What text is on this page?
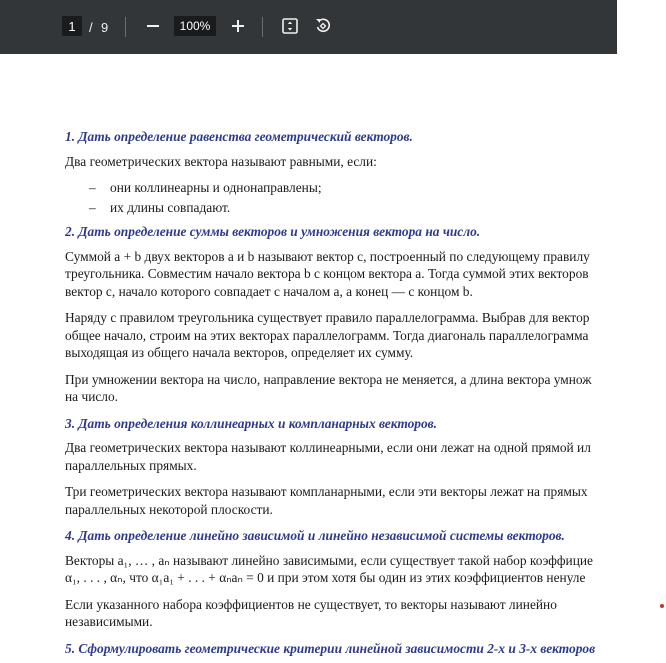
1	/ 9	100%
1. Дать определение равенства геометрический векторов.
Два геометрических вектора называют равными, если:
–	они коллинеарны и однонаправлены;
–	их длины совпадают.
2. Дать определение суммы векторов и умножения вектора на число.
Суммой a + b двух векторов a и b называют вектор c, построенный по следующему правилу
треугольника. Совместим начало вектора b с концом вектора a. Тогда суммой этих векторов
вектор c, начало которого совпадает с началом a, а конец — с концом b.
Наряду с правилом треугольника существует правило параллелограмма. Выбрав для вектор
общее начало, строим на этих векторах параллелограмм. Тогда диагональ параллелограмма
выходящая из общего начала векторов, определяет их сумму.
При умножении вектора на число, направление вектора не меняется, а длина вектора умнож
на число.
3. Дать определения коллинеарных и компланарных векторов.
Два геометрических вектора называют коллинеарными, если они лежат на одной прямой ил
параллельных прямых.
Три геометрических вектора называют компланарными, если эти векторы лежат на прямых
параллельных некоторой плоскости.
4. Дать определение линейно зависимой и линейно независимой системы векторов.
Векторы a₁, … , aₙ называют линейно зависимыми, если существует такой набор коэффицие
α₁, . . . , αₙ, что α₁a₁ + . . . + αₙaₙ = 0 и при этом хотя бы один из этих коэффициентов ненуле
Если указанного набора коэффициентов не существует, то векторы называют линейно
независимыми.
5. Сформулировать геометрические критерии линейной зависимости 2-х и 3-х векторов
